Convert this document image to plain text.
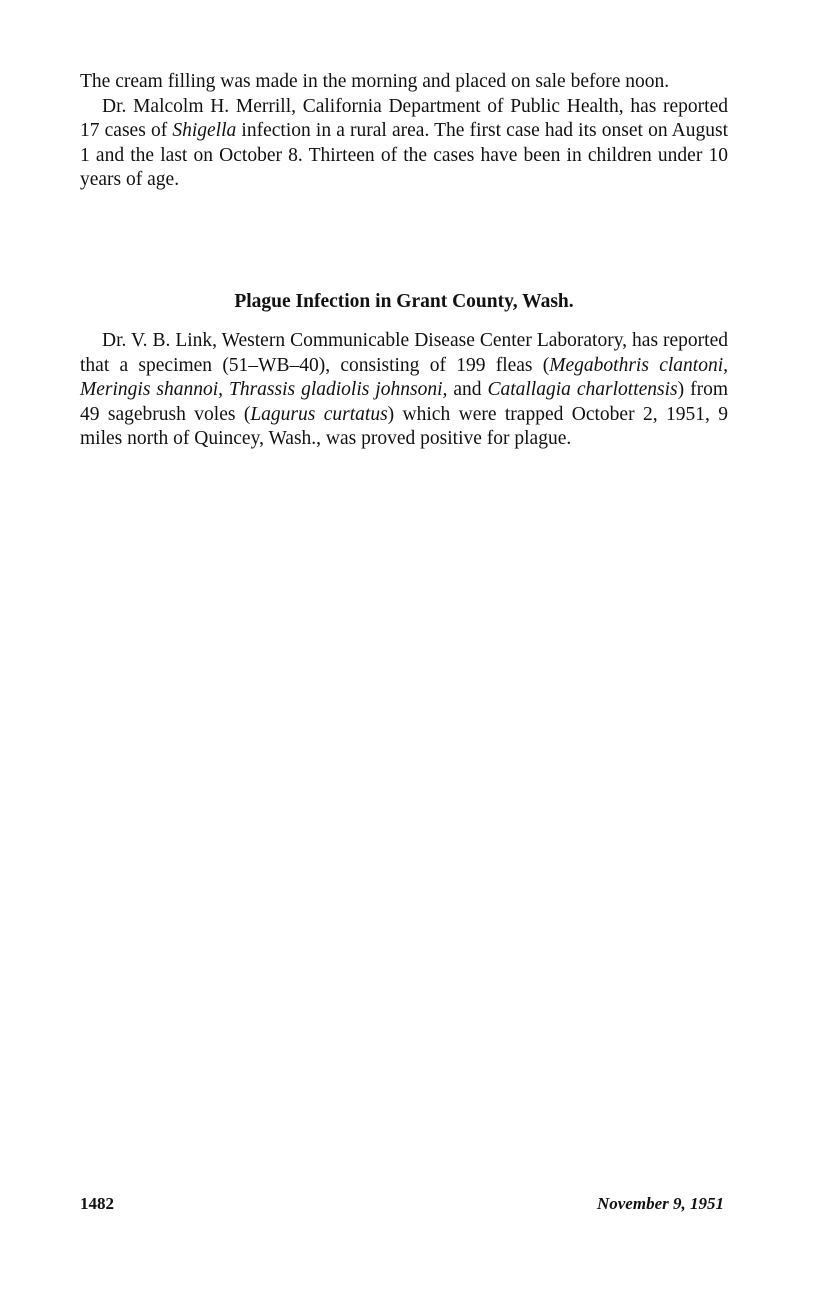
The cream filling was made in the morning and placed on sale before noon.

Dr. Malcolm H. Merrill, California Department of Public Health, has reported 17 cases of Shigella infection in a rural area. The first case had its onset on August 1 and the last on October 8. Thirteen of the cases have been in children under 10 years of age.

Plague Infection in Grant County, Wash.

Dr. V. B. Link, Western Communicable Disease Center Laboratory, has reported that a specimen (51–WB–40), consisting of 199 fleas (Megabothris clantoni, Meringis shannoi, Thrassis gladiolis johnsoni, and Catallagia charlottensis) from 49 sagebrush voles (Lagurus curtatus) which were trapped October 2, 1951, 9 miles north of Quincey, Wash., was proved positive for plague.

1482	November 9, 1951
